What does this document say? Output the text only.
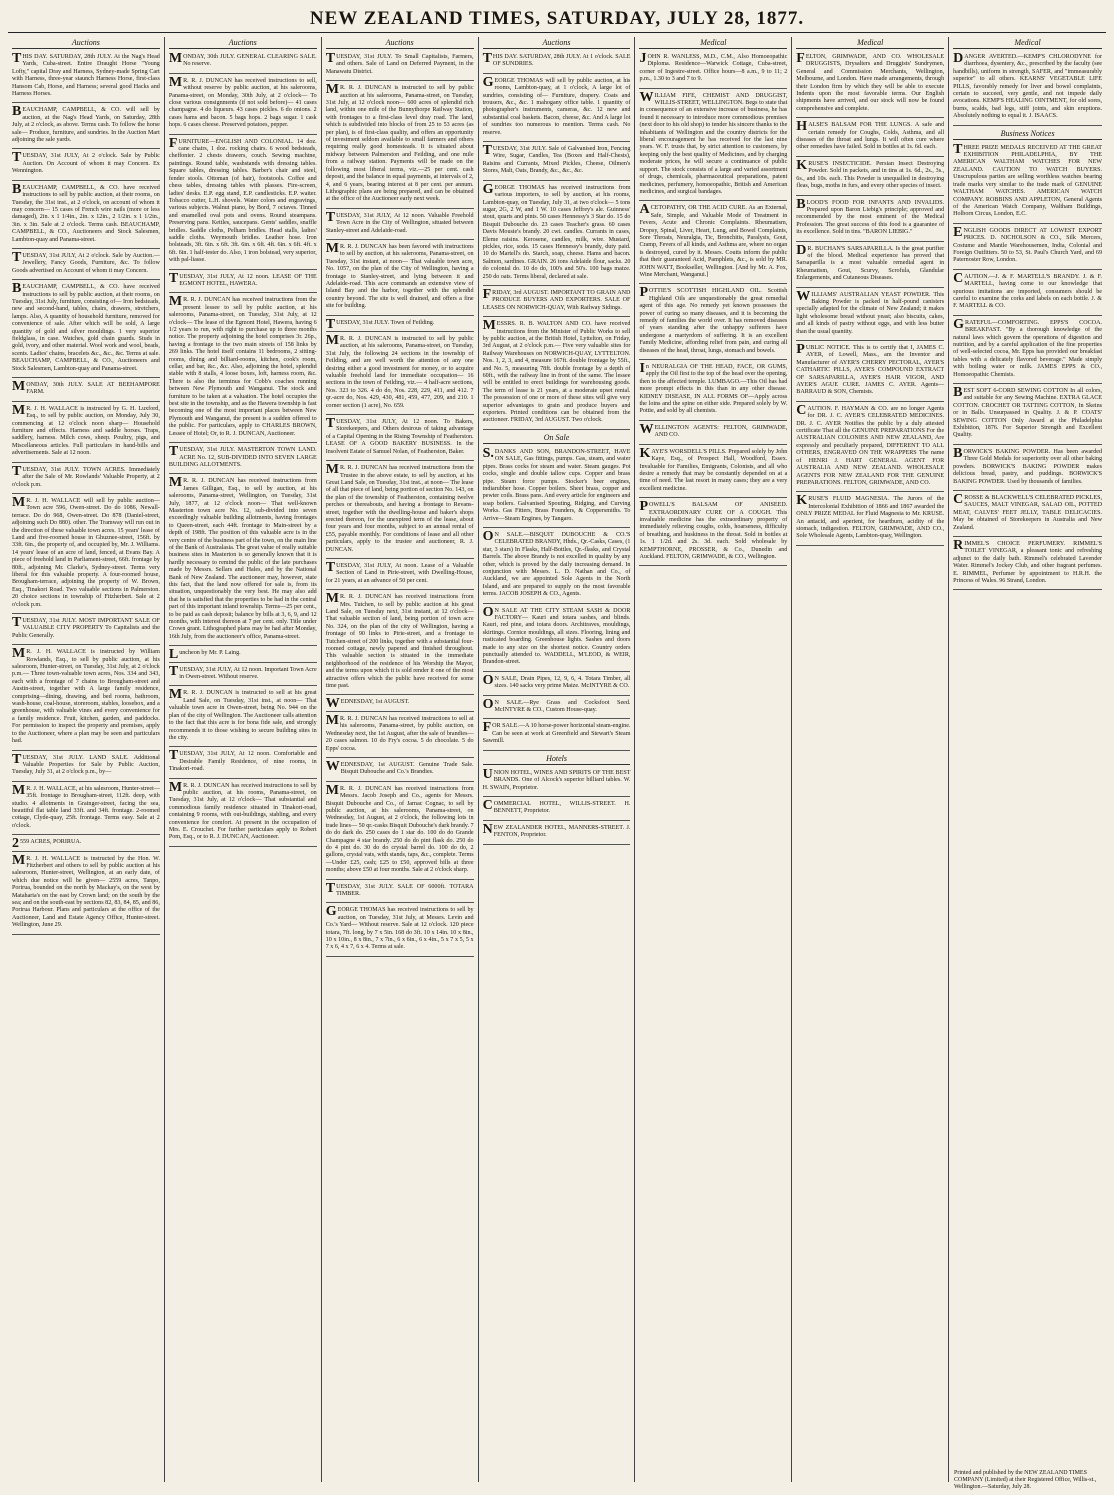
NEW ZEALAND TIMES, SATURDAY, JULY 28, 1877.
Auctions

THIS DAY. SATURDAY, 28th JULY. At the Nag's Head Yards, Cuba-street. Entire Draught Horse "Young Lofty," capital Dray and Harness, Sydney-made Spring Cart with Harness, three-year staunch Harness Horse, first-class Hansom Cab, Horse, and Harness; several good Hacks and Harness Horses.

BEAUCHAMP, CAMPBELL, & CO. will sell by auction, at the Nag's Head Yards, on Saturday, 28th July, at 2 o'clock, as above. Terms cash. To follow the horse sale— Produce, furniture, and sundries. In the Auction Mart adjoining the sale yards.

TUESDAY, 31st JULY, At 2 o'clock. Sale by Public Auction. On Account of whom it may Concern. Ex Wennington.

BEAUCHAMP, CAMPBELL, & CO. have received instructions to sell by public auction, at their rooms, on Tuesday, the 31st inst., at 2 o'clock, on account of whom it may concern— 15 cases of French wire nails (more or less damaged), 2in. x 1 1/4in., 2in. x 12in., 2 1/2in. x 1 1/2in., 3in. x 3in. Sale at 2 o'clock. Terms cash. BEAUCHAMP, CAMPBELL, & CO., Auctioneers and Stock Salesmen, Lambton-quay and Panama-street.

TUESDAY, 31st JULY, At 2 o'clock. Sale by Auction.—Jewellery, Fancy Goods, Furniture, &c. To follow Goods advertised on Account of whom it may Concern.

BEAUCHAMP, CAMPBELL, & CO. have received instructions to sell by public auction, at their rooms, on Tuesday, 31st July, furniture, consisting of— Iron bedsteads, new and second-hand, tables, chairs, drawers, stretchers, lamps. Also, A quantity of household furniture, removed for convenience of sale. After which will be sold, A large quantity of gold and silver mouldings. 1 very superior fieldglass, in case. Watches, gold chain guards. Studs in gold, ivory, and other material. Wool work and wool, beads, scents. Ladies' chains, bracelets &c., &c., &c. Terms at sale. BEAUCHAMP, CAMPBELL, & CO., Auctioneers and Stock Salesmen, Lambton-quay and Panama-street.

MONDAY, 30th JULY. SALE AT BEEHAMPORE FARM.

MR. J. H. WALLACE is instructed by G. H. Luxford, Esq., to sell by public auction, on Monday, July 30, commencing at 12 o'clock noon sharp— Household furniture and effects. Harness and saddle horses. Traps, saddlery, harness. Milch cows, sheep. Poultry, pigs, and Miscellaneous articles. Full particulars in hand-bills and advertisements. Sale at 12 noon.

TUESDAY, 31st JULY. TOWN ACRES. Immediately after the Sale of Mr. Rowlands' Valuable Property, at 2 o'clock p.m.

MR. J. H. WALLACE will sell by public auction— Town acre 596, Owen-street. Do do 1086, Newall-terrace. Do do 968, Owen-street. Do 878 (Daniel-street, adjoining such Do 880). other. The Tramway will run out in the direction of these valuable town acres. 15 years' lease of Land and five-roomed house in Ghuznee-street, 156ft. by 33ft. 6in., the property of, and occupied by, Mr. J. Williams. 14 years' lease of an acre of land, fenced, at Evans Bay. A piece of freehold land in Parliament-street, 66ft. frontage by 80ft., adjoining Mr. Clarke's, Sydney-street. Terms very liberal for this valuable property. A four-roomed house, Brougham-terrace, adjoining the property of W. Brown, Esq., Tinakori Road. Two valuable sections in Palmerston. 20 choice sections in township of Fitzherbert. Sale at 2 o'clock p.m.

TUESDAY, 31st JULY. MOST IMPORTANT SALE OF VALUABLE CITY PROPERTY To Capitalists and the Public Generally.

MR. J. H. WALLACE is instructed by William Rowlands, Esq., to sell by public auction, at his salesroom, Hunter-street, on Tuesday, 31st July, at 2 o'clock p.m.— Three town-valuable town acres, Nos. 334 and 343, each with a frontage of 7 chains to Brougham-street and Austin-street, together with A large family residence, comprising—dining, drawing, and bed rooms, bathroom, wash-house, coal-house, storeroom, stables, loosebox, and a greenhouse, with valuable vines and every convenience for a family residence. Fruit, kitchen, garden, and paddocks. For permission to inspect the property and premises, apply to the Auctioneer, where a plan may be seen and particulars had.

TUESDAY, 31st JULY. LAND SALE. Additional Valuable Properties for Sale by Public Auction, Tuesday, July 31, at 2 o'clock p.m., by—

MR. J. H. WALLACE, at his salesroom, Hunter-street— 35ft. frontage to Brougham-street, 112ft. deep, with studio. 4 allotments in Grainger-street, facing the sea, beautiful flat table land 33ft. and 34ft. frontage. 2-roomed cottage, Clyde-quay, 25ft. frontage. Terms easy. Sale at 2 o'clock.

2559 ACRES, PORIRUA.

MR. J. H. WALLACE is instructed by the Hon. W. Fitzherbert and others to sell by public auction at his salesroom, Hunter-street, Wellington, at an early date, of which due notice will be given— 2559 acres, Tanpo, Porirua, bounded on the north by Mackay's, on the west by Mataharia's on the east by Crown land; on the south by the sea; and on the south-east by sections 82, 83, 84, 85, and 86, Porirua Harbour. Plans and particulars at the office of the Auctioneer, Land and Estate Agency Office, Hunter-street. Wellington, June 29.

Auctions

MONDAY, 30th JULY. GENERAL CLEARING SALE. No reserve.

MR. R. J. DUNCAN has received instructions to sell, without reserve by public auction, at his salerooms, Panama-street, on Monday, 30th July, at 2 o'clock— To close various consignments (if not sold before)— 41 cases champagne. 4 do liqueurs. 43 cases pickles. 6 do onions. 2 cases hams and bacon. 5 bags hops. 2 bags sugar. 1 cask hops. 6 cases cheese. Preserved potatoes, pepper.

FURNITURE—ENGLISH AND COLONIAL. 14 doz. cane chairs, 1 doz. rocking chairs. 6 wood bedsteads, cheffonier. 2 chests drawers, couch. Sewing machine, paintings. Round table, washstands with dressing tables. Square tables, dressing tables. Barber's chair and steel, fender stools. Ottoman (of hair), footstools. Coffee and chess tables, dressing tables with plasses. Fire-screen, ladies' desks. E.P. egg stand, E.P. candlesticks. E.P. waiter. Tobacco cutter, L.H. shovels. Water colors and engravings, various subjects. Walnut piano, by Bord, 7 octaves. Tinned and enamelled oval pots and ovens. Round steampans. Preserving pans. Kettles, saucepans. Gents' saddles, snaffle bridles. Saddle cloths, Pelham bridles. Head stalls, ladies' saddle cloths. Weymouth bridles. Leather hose. Iron bolsteads, 3ft. 6in. x 6ft. 3ft. 6in. x 6ft. 4ft. 6in. x 6ft. 4ft. x 6ft. 6in. 1 half-tester do. Also, 1 iron bolstead, very superior, with pal-liasse.

TUESDAY, 31st JULY, At 12 noon. LEASE OF THE EGMONT HOTEL, HAWERA.

MR. R. J. DUNCAN has received instructions from the present lessee to sell by public auction, at his salerooms, Panama-street, on Tuesday, 31st July, at 12 o'clock— The lease of the Egmont Hotel, Hawera, having 6 1/2 years to run, with right to purchase up to three months notice. The property adjoining the hotel comprises 3r. 26p., having a frontage to the two main streets of 158 links by 269 links. The hotel itself contains 11 bedrooms, 2 sitting-rooms, dining and billiard-rooms, kitchen, cook's room, cellar, and bar, &c., &c. Also, adjoining the hotel, splendid stable with 8 stalls, 4 loose boxes, loft, harness room, &c. There is also the terminus for Cobb's coaches running between New Plymouth and Wanganui. The stock and furniture to be taken at a valuation. The hotel occupies the best site in the township, and as the Hawera township is fast becoming one of the most important places between New Plymouth and Wanganui, the present is a sudden offered to the public. For particulars, apply to CHARLES BROWN, Lessee of Hotel; Or, to R. J. DUNCAN, Auctioneer.

TUESDAY, 31st JULY. MASTERTON TOWN LAND. ACRE No. 12, SUB-DIVIDED INTO SEVEN LARGE BUILDING ALLOTMENTS.

MR. R. J. DUNCAN has received instructions from James Gilligan, Esq., to sell by auction, at his salerooms, Panama-street, Wellington, on Tuesday, 31st July, 1877, at 12 o'clock noon— That well-known Masterton town acre No. 12, sub-divided into seven exceedingly valuable building allotments, having frontages to Queen-street, each 44ft. frontage to Main-street by a depth of 198ft. The position of this valuable acre is in the very centre of the business part of the town, on the main line of the Bank of Australasia. The great value of really suitable business sites in Masterton is so generally known that it is hardly necessary to remind the public of the late purchases made by Messrs. Sellars and Hales, and by the National Bank of New Zealand. The auctioneer may, however, state this fact, that the land now offered for sale is, from its situation, unquestionably the very best. He may also add that he is satisfied that the properties to be had in the central part of this important inland township. Terms—25 per cent., to be paid as cash deposit; balance by bills at 3, 6, 9, and 12 months, with interest thereon at 7 per cent. only. Title under Crown grant. Lithographed plans may be had after Monday, 16th July, from the auctioneer's office, Panama-street.

Luncheon by Mr. P. Laing.

TUESDAY, 31st JULY, At 12 noon. Important Town Acre in Owen-street. Without reserve.

MR. R. J. DUNCAN is instructed to sell at his great Land Sale, on Tuesday, 31st inst., at noon— That valuable town acre in Owen-street, being No. 944 on the plan of the city of Wellington. The Auctioneer calls attention to the fact that this acre is for bona fide sale, and strongly recommends it to those wishing to secure building sites in the city.

TUESDAY, 31st JULY, At 12 noon. Comfortable and Desirable Family Residence, of nine rooms, in Tinakori-road.

MR. R. J. DUNCAN has received instructions to sell by public auction, at his rooms, Panama-street, on Tuesday, 31st July, at 12 o'clock— That substantial and commodious family residence situated in Tinakori-road, containing 9 rooms, with out-buildings, stabling, and every convenience for comfort. At present in the occupation of Mrs. E. Crouchet. For further particulars apply to Robert Pom, Esq., or to R. J. DUNCAN, Auctioneer.

Auctions

TUESDAY, 31st JULY. To Small Capitalists, Farmers, and others. Sale of Land on Deferred Payment, in the Manawatu District.

MR. R. J. DUNCAN is instructed to sell by public auction at his salerooms, Panama-street, on Tuesday, 31st July, at 12 o'clock noon— 600 acres of splendid rich land, within one mile of the Bunnythorpe Railway Station, with frontages to a first-class level dray road. The land, which is subdivided into blocks of from 25 to 53 acres (as per plan), is of first-class quality, and offers an opportunity of investment seldom available to small farmers and others requiring really good homesteads. It is situated about midway between Palmerston and Feilding, and one mile from a railway station. Payments will be made on the following most liberal terms, viz.—25 per cent. cash deposit, and the balance in equal payments, at intervals of 2, 4, and 6 years, bearing interest at 8 per cent. per annum. Lithographic plans are being prepared, and can be obtained at the office of the Auctioneer early next week.

TUESDAY, 31st JULY, At 12 noon. Valuable Freehold Town Acre in the City of Wellington, situated between Stanley-street and Adelaide-road.

MR. R. J. DUNCAN has been favored with instructions to sell by auction, at his salerooms, Panama-street, on Tuesday, 31st instant, at noon— That valuable town acre, No. 1057, on the plan of the City of Wellington, having a frontage to Stanley-street, and lying between it and Adelaide-road. This acre commands an extensive view of Island Bay and the harbor, together with the splendid country beyond. The site is well drained, and offers a fine site for building.

TUESDAY, 31st JULY. Town of Feilding.

MR. R. J. DUNCAN is instructed to sell by public auction, at his salerooms, Panama-street, on Tuesday, 31st July, the following 24 sections in the township of Feilding, and are well worth the attention of any one desiring either a good investment for money, or to acquire valuable freehold land for immediate occupation— 16 sections in the town of Feilding, viz.— 4 half-acre sections, Nos. 323 to 326. 4 do do, Nos. 228, 229, 411, and 412. 7 qr.-acre do, Nos. 429, 430, 481, 459, 477, 209, and 210. 1 corner section (1 acre), No. 659.

TUESDAY, 31st JULY, At 12 noon. To Bakers, Storekeepers, and Others desirous of taking advantage of a Capital Opening in the Rising Township of Featherston. LEASE OF A GOOD BAKERY BUSINESS. In the Insolvent Estate of Samuel Nolan, of Featherston, Baker.

MR. R. J. DUNCAN has received instructions from the Trustee in the above estate, to sell by auction, at his Great Land Sale, on Tuesday, 31st inst., at noon— The lease of all that piece of land, being portion of section No. 143, on the plan of the township of Featherston, containing twelve perches or thereabouts, and having a frontage to Revans-street, together with the dwelling-house and baker's shops erected thereon, for the unexpired term of the lease, about four years and four months, subject to an annual rental of £55, payable monthly. For conditions of lease and all other particulars, apply to the trustee and auctioneer, R. J. DUNCAN.

TUESDAY, 31st JULY, At noon. Lease of a Valuable Section of Land in Pirie-street, with Dwelling-House, for 21 years, at an advance of 50 per cent.

MR. R. J. DUNCAN has received instructions from Mrs. Tutchen, to sell by public auction at his great Land Sale, on Tuesday next, 31st instant, at 12 o'clock— That valuable section of land, being portion of town acre No. 324, on the plan of the city of Wellington, having a frontage of 90 links to Pirie-street, and a frontage to Tutchen-street of 200 links, together with a substantial four-roomed cottage, newly papered and finished throughout. This valuable section is situated in the immediate neighborhood of the residence of his Worship the Mayor, and the terms upon which it is sold render it one of the most attractive offers which the public have received for some time past.

WEDNESDAY, 1st AUGUST.

MR. R. J. DUNCAN has received instructions to sell at his salerooms, Panama-street, by public auction, on Wednesday next, the 1st August, after the sale of brandies— 20 cases salmon. 10 do Fry's cocoa. 5 do chocolate. 5 do Epps' cocoa.

WEDNESDAY, 1st AUGUST. Genuine Trade Sale. Bisquit Dubouche and Co.'s Brandies.

MR. R. J. DUNCAN has received instructions from Messrs. Jacob Joseph and Co., agents for Messrs. Bisquit Dubouche and Co., of Jarnac Cognac, to sell by public auction, at his salerooms, Panama-street, on Wednesday, 1st August, at 2 o'clock, the following lots in trade lines— 50 qr.-casks Bisquit Dubouche's dark brandy. 7 do do dark do. 250 cases do 1 star do. 100 do do Grande Champagne 4 star brandy. 250 do do pint flask do. 250 do do 4 pint do. 30 do do crystal barrel do. 100 do do, 2 gallons, crystal vats, with stands, taps, &c., complete. Terms—Under £25, cash; £25 to £50, approved bills at three months; above £50 at four months. Sale at 2 o'clock sharp.

TUESDAY, 31st JULY. SALE OF 6000ft. TOTARA TIMBER.

GEORGE THOMAS has received instructions to sell by auction, on Tuesday, 31st July, at Messrs. Levin and Co.'s Yard— Without reserve. Sale at 12 o'clock. 120 piece totara, 7ft. long, by 7 x 5in. 168 do 3ft. 10 x 14in. 10 x 8in., 10 x 10in., 8 x 8in., 7 x 7in., 6 x 6in., 6 x 4in., 5 x 7 x 5, 5 x 7 x 6, 4 x 7, 6 x 4. Terms at sale.

Auctions

THIS DAY. SATURDAY, 28th JULY. At 1 o'clock. SALE OF SUNDRIES.

GEORGE THOMAS will sell by public auction, at his rooms, Lambton-quay, at 1 o'clock, A large lot of sundries, consisting of— Furniture, drapery. Coats and trousers, &c., &c. 1 mahogany office table. 1 quantity of photographer's instruments, cameras, &c. 12 new and substantial coal baskets. Bacon, cheese, &c. And A large lot of sundries too numerous to mention. Terms cash. No reserve.

TUESDAY, 31st JULY. Sale of Galvanised Iron, Fencing Wire, Sugar, Candles, Tea (Boxes and Half-Chests), Raisins and Currants, Mixed Pickles, Cheese, Oilmen's Stores, Malt, Oats, Brandy, &c., &c., &c.

GEORGE THOMAS has received instructions from various importers, to sell by auction, at his rooms, Lambton-quay, on Tuesday, July 31, at two o'clock— 5 tons sugar, 2G, 2 W, and 1 W. 10 cases Jeffrey's ale. Guinness' stout, quarts and pints. 50 cases Hennessy's 3 Star do. 15 do Bisquit Dubouche do. 23 cases Teacher's grass. 60 cases Davis Mousie's brandy. 20 cwt. candles. Currants in cases, Eleme raisins. Kerosene, candles, milk, wire. Mustard, pickles, rice, soda. 15 cases Hennessy's brandy, duty paid. 10 do Martell's do. Starch, soap, cheese. Hams and bacon. Salmon, sardines. GRAIN. 26 tons Adelaide flour, sacks. 20 do colonial do. 10 do do, 100's and 50's. 100 bags maize. 250 do oats. Terms liberal, declared at sale.

FRIDAY, 3rd AUGUST. IMPORTANT TO GRAIN AND PRODUCE BUYERS AND EXPORTERS. SALE OF LEASES ON NORWICH-QUAY, With Railway Sidings.

MESSRS. R. B. WALTON AND CO. have received instructions from the Minister of Public Works to sell by public auction, at the British Hotel, Lyttelton, on Friday, 3rd August, at 2 o'clock p.m.— Five very valuable sites for Railway Warehouses on NORWICH-QUAY, LYTTELTON. Nos. 1, 2, 3, and 4, measure 167ft. double frontage by 55ft., and No. 5, measuring 78ft. double frontage by a depth of 60ft., with the railway line in front of the same. The lessee will be entitled to erect buildings for warehousing goods. The term of lease is 21 years, at a moderate upset rental. The possession of one or more of these sites will give very superior advantages to grain and produce buyers and exporters. Printed conditions can be obtained from the auctioneer. FRIDAY, 3rd AUGUST. Two o'clock.

On Sale

S.DANKS AND SON, BRANDON-STREET, HAVE ON SALE, Gas fittings, pumps. Gas, steam, and water pipes. Brass cocks for steam and water. Steam gauges. Pot cocks, single and double tallow cups. Copper and brass pipe. Steam force pumps. Stocker's beer engines, indiarubber hose. Copper boilers. Sheet brass, copper and pewter coils. Brass pans. And every article for engineers and soap boilers. Galvanised Spouting, Ridging, and Curving Works. Gas Fitters, Brass Founders, & Coppersmiths. To Arrive—Steam Engines, by Tangaro.

ON SALE.—BISQUIT DUBOUCHE & CO.'S CELEBRATED BRANDY, Hhds., Qr.-Casks, Cases, (1 star, 3 stars) In Flasks, Half-Bottles, Qr.-flasks, and Crystal Barrels. The above Brandy is not excelled in quality by any other, which is proved by the daily increasing demand. In conjunction with Messrs. L. D. Nathan and Co., of Auckland, we are appointed Sole Agents in the North Island, and are prepared to supply on the most favorable terms. JACOB JOSEPH & CO., Agents.

ON SALE AT THE CITY STEAM SASH & DOOR FACTORY— Kauri and totara sashes, and blinds. Kauri, red pine, and totara doors. Architraves, mouldings, skirtings. Cornice mouldings, all sizes. Flooring, lining and rusticated boarding. Greenhouse lights. Sashes and doors made to any size on the shortest notice. Country orders punctually attended to. WADDELL, M'LEOD, & WEIR, Brandon-street.

ON SALE, Drain Pipes, 12, 9, 6, 4. Totara Timber, all sizes. 140 sacks very prime Maize. McINTYRE & CO.

ON SALE.—Rye Grass and Cocksfoot Seed. McINTYRE & CO., Custom House-quay.

FOR SALE.—A 10 horse-power horizontal steam-engine. Can be seen at work at Greenfield and Stewart's Steam Sawmill.

Hotels

UNION HOTEL, WINES AND SPIRITS OF THE BEST BRANDS. One of Alcock's superior billiard tables. W. H. SWAIN, Proprietor.

COMMERCIAL HOTEL, WILLIS-STREET. H. BENNETT, Proprietor.

NEW ZEALANDER HOTEL, MANNERS-STREET. J. FENTON, Proprietor.

Medical

JOHN R. WANLESS, M.D., C.M., Also Homoeopathic Diploma. Residence—Warwick Cottage, Cuba-street, corner of Ingestre-street. Office hours—8 a.m., 9 to 11; 2 p.m., 1.30 to 3 and 7 to 9.

WILLIAM FIFE, CHEMIST AND DRUGGIST, WILLIS-STREET, WELLINGTON. Begs to state that in consequence of an extensive increase of business, he has found it necessary to introduce more commodious premises (next door to his old shop) to tender his sincere thanks to the inhabitants of Wellington and the country districts for the liberal encouragement he has received for the last nine years. W. F. trusts that, by strict attention to customers, by keeping only the best quality of Medicines, and by charging moderate prices, he will secure a continuance of public support. The stock consists of a large and varied assortment of drugs, chemicals, pharmaceutical preparations, patent medicines, perfumery, homoeopathic, British and American medicines, and surgical bandages.

ACETOPATHY, OR THE ACID CURE. As an External, Safe, Simple, and Valuable Mode of Treatment in Fevers, Acute and Chronic Complaints. Rheumatism, Dropsy, Spinal, Liver, Heart, Lung, and Bowel Complaints, Sore Throats, Neuralgia, Tic, Bronchitis, Paralysis, Gout, Cramp, Fevers of all kinds, and Asthma are, where no organ is destroyed, cured by it. Messrs. Coutts inform the public that their guaranteed Acid, Pamphlets, &c., is sold by MR. JOHN WATT, Bookseller, Wellington. [And by Mr. A. Fox, Wine Merchant, Wanganui.]

POTTIE'S SCOTTISH HIGHLAND OIL. Scottish Highland Oils are unquestionably the great remedial agent of this age. No remedy yet known possesses the power of curing so many diseases, and it is becoming the remedy of families the world over. It has removed diseases of years standing after the unhappy sufferers have undergone a martyrdom of suffering. It is an excellent Family Medicine, affording relief from pain, and curing all diseases of the head, throat, lungs, stomach and bowels.

In NEURALGIA OF THE HEAD, FACE, OR GUMS, apply the Oil first to the top of the head over the opening, then to the affected temple. LUMBAGO.—This Oil has had more prompt effects in this than in any other disease. KIDNEY DISEASE, IN ALL FORMS OF—Apply across the loins and the spine on either side. Prepared solely by W. Pottie, and sold by all chemists.

WELLINGTON AGENTS: FELTON, GRIMWADE, AND CO.

KAYE'S WORSDELL'S PILLS. Prepared solely by John Kaye, Esq., of Prospect Hall, Woodford, Essex. Invaluable for Families, Emigrants, Colonists, and all who desire a remedy that may be constantly depended on at a time of need. The last resort in many cases; they are a very excellent medicine.

POWELL'S BALSAM OF ANISEED. EXTRAORDINARY CURE OF A COUGH. This invaluable medicine has the extraordinary property of immediately relieving coughs, colds, hoarseness, difficulty of breathing, and huskiness in the throat. Sold in bottles at 1s. 1 1/2d. and 2s. 3d. each. Sold wholesale by KEMPTHORNE, PROSSER, & Co., Dunedin and Auckland. FELTON, GRIMWADE, & CO., Wellington.

Medical

FELTON, GRIMWADE, AND CO. WHOLESALE DRUGGISTS, Drysalters and Druggists' Sundrymen, General and Commission Merchants, Wellington, Melbourne, and London. Have made arrangements, through their London firm by which they will be able to execute Indents upon the most favorable terms. Our English shipments have arrived, and our stock will now be found comprehensive and complete.

HALSE'S BALSAM FOR THE LUNGS. A safe and certain remedy for Coughs, Colds, Asthma, and all diseases of the throat and lungs. It will often cure where other remedies have failed. Sold in bottles at 1s. 6d. each.

KRUSE'S INSECTICIDE. Persian Insect Destroying Powder. Sold in packets, and in tins at 1s. 6d., 2s., 3s., 6s., and 10s. each. This Powder is unequalled in destroying fleas, bugs, moths in furs, and every other species of insect.

BLOOD'S FOOD FOR INFANTS AND INVALIDS. Prepared upon Baron Liebig's principle; approved and recommended by the most eminent of the Medical Profession. The great success of this food is a guarantee of its excellence. Sold in tins. "BARON LIEBIG."

DR. BUCHAN'S SARSAPARILLA. Is the great purifier of the blood. Medical experience has proved that Sarsaparilla is a most valuable remedial agent in Rheumatism, Gout, Scurvy, Scrofula, Glandular Enlargements, and Cutaneous Diseases.

WILLIAMS' AUSTRALIAN YEAST POWDER. This Baking Powder is packed in half-pound canisters specially adapted for the climate of New Zealand; it makes light wholesome bread without yeast; also biscuits, cakes, and all kinds of pastry without eggs, and with less butter than the usual quantity.

PUBLIC NOTICE. This is to certify that I, JAMES C. AYER, of Lowell, Mass., am the Inventor and Manufacturer of AYER'S CHERRY PECTORAL, AYER'S CATHARTIC PILLS, AYER'S COMPOUND EXTRACT OF SARSAPARILLA, AYER'S HAIR VIGOR, AND AYER'S AGUE CURE. JAMES C. AYER. Agents—BARRAUD & SON, Chemists.

CAUTION. F. HAYMAN & CO. are no longer Agents for DR. J. C. AYER'S CELEBRATED MEDICINES. DR. J. C. AYER Notifies the public by a duly attested certificate That all the GENUINE PREPARATIONS For the AUSTRALIAN COLONIES AND NEW ZEALAND, Are expressly and peculiarly prepared, DIFFERENT TO ALL OTHERS, ENGRAVED ON THE WRAPPERS The name of HENRI J. HART GENERAL AGENT FOR AUSTRALIA AND NEW ZEALAND. WHOLESALE AGENTS FOR NEW ZEALAND FOR THE GENUINE PREPARATIONS. FELTON, GRIMWADE, AND CO.

KRUSE'S FLUID MAGNESIA. The Jurors of the Intercolonial Exhibition of 1866 and 1867 awarded the ONLY PRIZE MEDAL for Fluid Magnesia to Mr. KRUSE. An antacid, and aperient, for heartburn, acidity of the stomach, indigestion. FELTON, GRIMWADE, AND CO., Sole Wholesale Agents, Lambton-quay, Wellington.

Medical

DANGER AVERTED.—KEMP'S CHLORODYNE for diarrhoea, dysentery, &c., prescribed by the faculty (see handbills), uniform in strength, SAFER, and "immeasurably superior" to all others. KEARNS' VEGETABLE LIFE PILLS, favorably remedy for liver and bowel complaints, certain to succeed, very gentle, and not impede daily avocations. KEMP'S HEALING OINTMENT, for old sores, burns, scalds, bad legs, stiff joints, and skin eruptions. Absolutely nothing to equal it. J. ISAACS.

Business Notices

THREE PRIZE MEDALS RECEIVED AT THE GREAT EXHIBITION PHILADELPHIA, BY THE AMERICAN WALTHAM WATCHES FOR NEW ZEALAND. CAUTION TO WATCH BUYERS. Unscrupulous parties are selling worthless watches bearing trade marks very similar to the trade mark of GENUINE WALTHAM WATCHES. AMERICAN WATCH COMPANY. ROBBINS AND APPLETON, General Agents of the American Watch Company, Waltham Buildings, Holborn Circus, London, E.C.

ENGLISH GOODS DIRECT AT LOWEST EXPORT PRICES. D. NICHOLSON & CO., Silk Mercers, Costume and Mantle Warehousemen, India, Colonial and Foreign Outfitters. 50 to 53, St. Paul's Church Yard, and 69 Paternoster Row, London.

CAUTION.—J. & F. MARTELL'S BRANDY. J. & F. MARTELL, having come to our knowledge that spurious imitations are imported, consumers should be careful to examine the corks and labels on each bottle. J. & F. MARTELL & CO.

GRATEFUL—COMFORTING. EPPS'S COCOA. BREAKFAST. "By a thorough knowledge of the natural laws which govern the operations of digestion and nutrition, and by a careful application of the fine properties of well-selected cocoa, Mr. Epps has provided our breakfast tables with a delicately flavored beverage." Made simply with boiling water or milk. JAMES EPPS & CO., Homoeopathic Chemists.

BEST SOFT 6-CORD SEWING COTTON In all colors, and suitable for any Sewing Machine. EXTRA GLACE COTTON. CROCHET OR TATTING COTTON, In Skeins or in Balls. Unsurpassed in Quality. J. & P. COATS' SEWING COTTON Only Award at the Philadelphia Exhibition, 1876. For Superior Strength and Excellent Quality.

BORWICK'S BAKING POWDER. Has been awarded Three Gold Medals for superiority over all other baking powders. BORWICK'S BAKING POWDER makes delicious bread, pastry, and puddings. BORWICK'S BAKING POWDER. Used by thousands of families.

CROSSE & BLACKWELL'S CELEBRATED PICKLES, SAUCES, MALT VINEGAR, SALAD OIL, POTTED MEAT, CALVES' FEET JELLY, TABLE DELICACIES. May be obtained of Storekeepers in Australia and New Zealand.

RIMMEL'S CHOICE PERFUMERY. RIMMEL'S TOILET VINEGAR, a pleasant tonic and refreshing adjunct to the daily bath. Rimmel's celebrated Lavender Water. Rimmel's Jockey Club, and other fragrant perfumes. E. RIMMEL, Perfumer by appointment to H.R.H. the Princess of Wales. 96 Strand, London.

Printed and published by the NEW ZEALAND TIMES COMPANY (Limited) at their Registered Office, Willis-st., Wellington.—Saturday, July 28.
